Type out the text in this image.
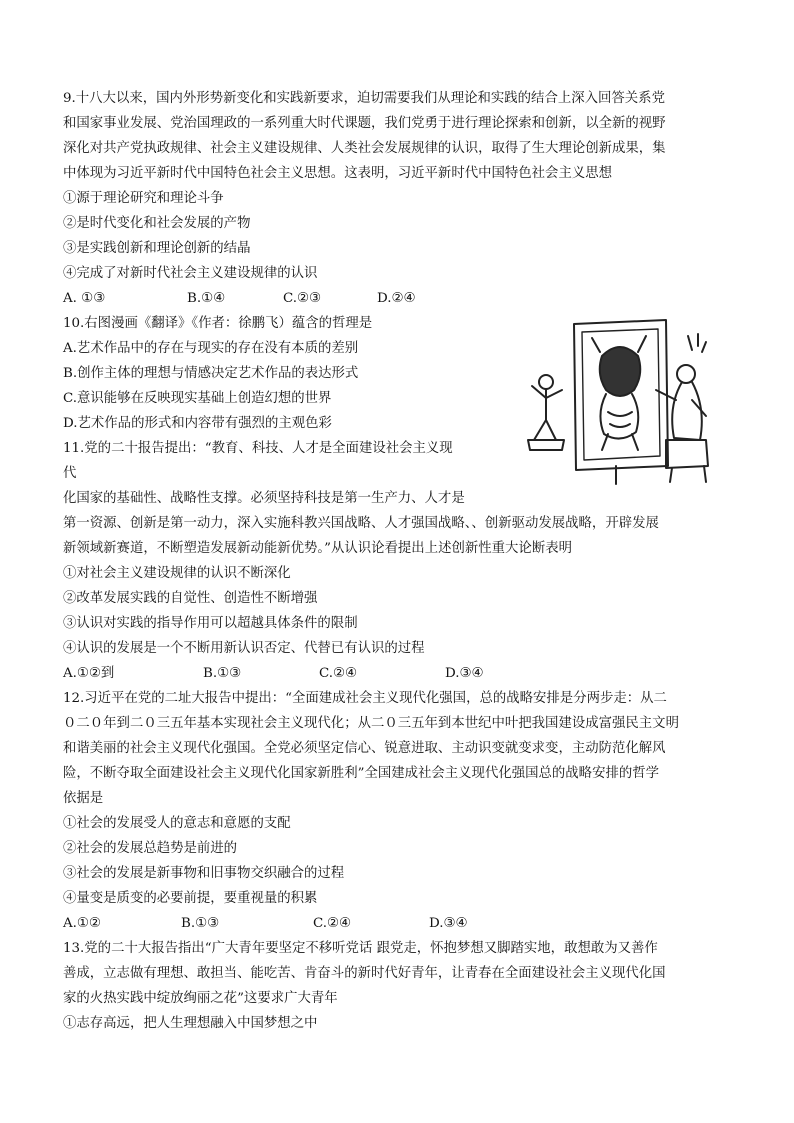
9.十八大以来，国内外形势新变化和实践新要求，迫切需要我们从理论和实践的结合上深入回答关系党
和国家事业发展、党治国理政的一系列重大时代课题，我们党勇于进行理论探索和创新，以全新的视野
深化对共产党执政规律、社会主义建设规律、人类社会发展规律的认识，取得了生大理论创新成果，集
中体现为习近平新时代中国特色社会主义思想。这表明，习近平新时代中国特色社会主义思想
①源于理论研究和理论斗争
②是时代变化和社会发展的产物
③是实践创新和理论创新的结晶
④完成了对新时代社会主义建设规律的认识
A. ①③	B.①④	C.②③	D.②④
10.右图漫画《翻译》《作者：徐鹏飞）蕴含的哲理是
A.艺术作品中的存在与现实的存在没有本质的差别
B.创作主体的理想与情感决定艺术作品的表达形式
C.意识能够在反映现实基础上创造幻想的世界
D.艺术作品的形式和内容带有强烈的主观色彩
11.党的二十报告提出：“教育、科技、人才是全面建设社会主义现
代
化国家的基础性、战略性支撑。必须坚持科技是第一生产力、人才是
第一资源、创新是第一动力，深入实施科教兴国战略、人才强国战略、、创新驱动发展战略，开辟发展
新领域新赛道，不断塑造发展新动能新优势。”从认识论看提出上述创新性重大论断表明
①对社会主义建设规律的认识不断深化
②改革发展实践的自觉性、创造性不断增强
③认识对实践的指导作用可以超越具体条件的限制
④认识的发展是一个不断用新认识否定、代替已有认识的过程
A.①②到	B.①③	C.②④	D.③④
12.习近平在党的二址大报告中提出：“全面建成社会主义现代化强国，总的战略安排是分两步走：从二
０二０年到二０三五年基本实现社会主义现代化；从二０三五年到本世纪中叶把我国建设成富强民主文明
和谐美丽的社会主义现代化强国。全党必须坚定信心、锐意进取、主动识变就变求变，主动防范化解风
险，不断夺取全面建设社会主义现代化国家新胜利”全国建成社会主义现代化强国总的战略安排的哲学
依据是
①社会的发展受人的意志和意愿的支配
②社会的发展总趋势是前进的
③社会的发展是新事物和旧事物交织融合的过程
④量变是质变的必要前提，要重视量的积累
A.①②	B.①③	C.②④	D.③④
13.党的二十大报告指出“广大青年要坚定不移听党话 跟党走，怀抱梦想又脚踏实地，敢想敢为又善作
善成，立志做有理想、敢担当、能吃苦、肯奋斗的新时代好青年，让青春在全面建设社会主义现代化国
家的火热实践中绽放绚丽之花”这要求广大青年
①志存高远，把人生理想融入中国梦想之中
